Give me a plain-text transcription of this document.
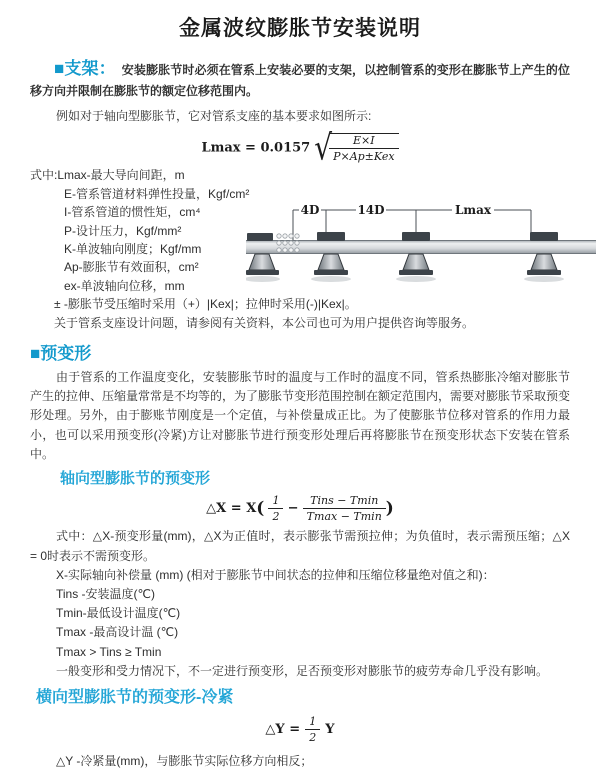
金属波纹膨胀节安装说明

■支架： 安装膨胀节时必须在管系上安装必要的支架，以控制管系的变形在膨胀节上产生的位移方向并限制在膨胀节的额定位移范围内。

例如对于轴向型膨胀节，它对管系支座的基本要求如图所示:

Lmax = 0.0157 √
$\frac{E\times I}{\text{P×Ap±Kex}}$
式中:Lmax-最大导向间距，m
E-管系管道材料弹性投量，Kgf/cm²
I-管系管道的惯性矩，cm⁴
P-设计压力，Kgf/mm²
K-单波轴向刚度；Kgf/mm
Ap-膨胀节有效面积，cm²
ex-单波轴向位移，mm
± -膨胀节受压缩时采用（+）|Kex|；拉伸时采用(-)|Kex|。
关于管系支座设计问题，请参阅有关资料，本公司也可为用户提供咨询等服务。
4D	14D	Lmax
■预变形

由于管系的工作温度变化，安装膨胀节时的温度与工作时的温度不同，管系热膨胀冷缩对膨胀节产生的拉伸、压缩量常常是不均等的，为了膨胀节变形范围控制在额定范围内，需要对膨胀节采取预变形处理。另外，由于膨账节刚度是一个定值，与补偿量成正比。为了使膨胀节位移对管系的作用力最小，也可以采用预变形(冷紧)方让对膨胀节进行预变形处理后再将膨胀节在预变形状态下安装在管系中。

轴向型膨胀节的预变形
△X = $X( \frac{1}{2} - \frac{\text{Tins − Tmin}}{Tmax - Tmin}$ )

式中：△X-预变形量(mm)，△X为正值时，表示膨张节需预拉伸；为负值时，表示需预压缩；△X = 0时表示不需预变形。

X-实际轴向补偿量 (mm) (相对于膨胀节中间状态的拉伸和压缩位移量绝对值之和)：

Tins -安装温度(℃)

Tmin-最低设计温度(℃)

Tmax -最高设计温 (℃)

Tmax > Tins ≥ Tmin

一般变形和受力情况下，不一定进行预变形，足否预变形对膨胀节的疲劳寿命几乎没有影响。

横向型膨胀节的预变形-冷紧
△Y = $\frac{1}{2}$ Y

△Y -冷紧量(mm)，与膨胀节实际位移方向相反；
